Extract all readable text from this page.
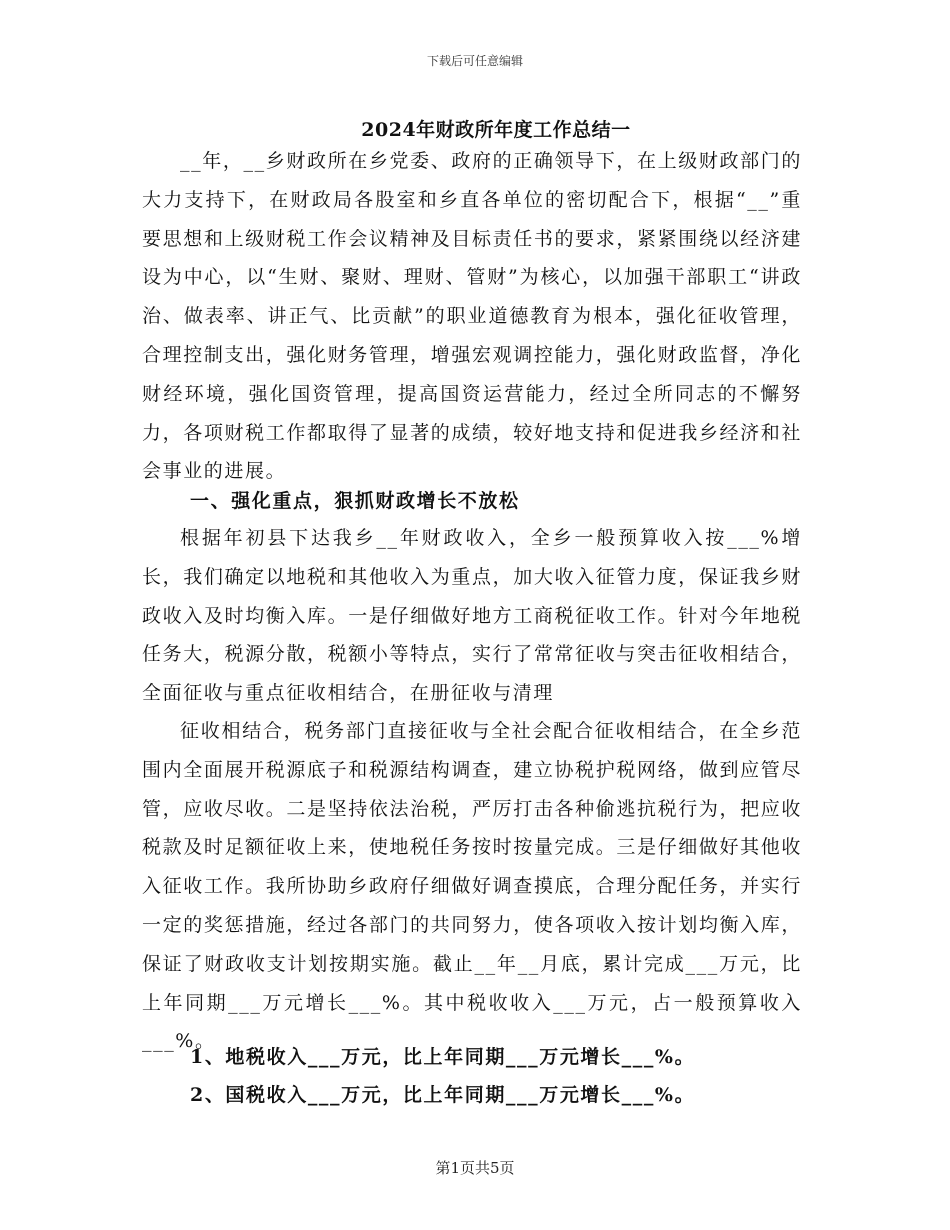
下载后可任意编辑
2024年财政所年度工作总结一

__年，__乡财政所在乡党委、政府的正确领导下，在上级财政部门的大力支持下，在财政局各股室和乡直各单位的密切配合下，根据“__”重要思想和上级财税工作会议精神及目标责任书的要求，紧紧围绕以经济建设为中心，以“生财、聚财、理财、管财”为核心，以加强干部职工“讲政治、做表率、讲正气、比贡献”的职业道德教育为根本，强化征收管理，合理控制支出，强化财务管理，增强宏观调控能力，强化财政监督，净化财经环境，强化国资管理，提高国资运营能力，经过全所同志的不懈努力，各项财税工作都取得了显著的成绩，较好地支持和促进我乡经济和社会事业的进展。

一、强化重点，狠抓财政增长不放松

根据年初县下达我乡__年财政收入，全乡一般预算收入按___%增长，我们确定以地税和其他收入为重点，加大收入征管力度，保证我乡财政收入及时均衡入库。一是仔细做好地方工商税征收工作。针对今年地税任务大，税源分散，税额小等特点，实行了常常征收与突击征收相结合，全面征收与重点征收相结合，在册征收与清理

征收相结合，税务部门直接征收与全社会配合征收相结合，在全乡范围内全面展开税源底子和税源结构调查，建立协税护税网络，做到应管尽管，应收尽收。二是坚持依法治税，严厉打击各种偷逃抗税行为，把应收税款及时足额征收上来，使地税任务按时按量完成。三是仔细做好其他收入征收工作。我所协助乡政府仔细做好调查摸底，合理分配任务，并实行一定的奖惩措施，经过各部门的共同努力，使各项收入按计划均衡入库，保证了财政收支计划按期实施。截止__年__月底，累计完成___万元，比上年同期___万元增长___%。其中税收收入___万元，占一般预算收入___%。

1、地税收入___万元，比上年同期___万元增长___%。

2、国税收入___万元，比上年同期___万元增长___%。

第1页共5页
